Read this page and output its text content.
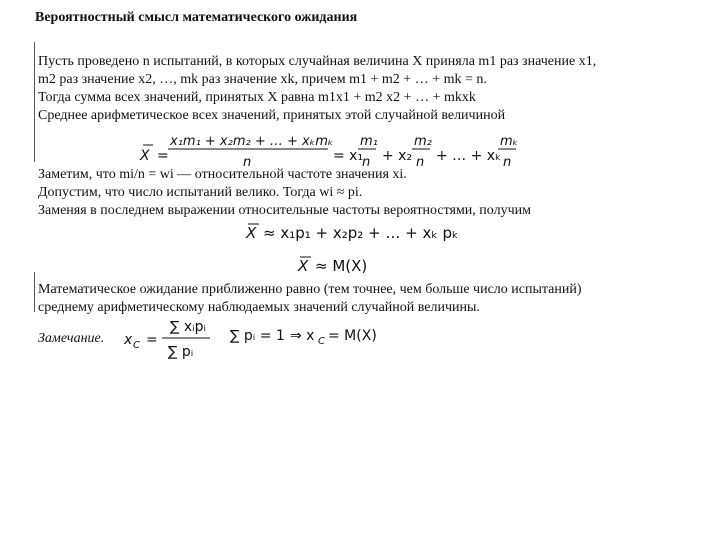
Вероятностный смысл математического ожидания
Пусть проведено n испытаний, в которых случайная величина X приняла m1 раз значение x1,
m2 раз значение x2, …, mk раз значение xk, причем m1 + m2 + … + mk = n.
Тогда сумма всех значений, принятых X равна m1x1 + m2 x2 + … + mkxk
Среднее арифметическое всех значений, принятых этой случайной величиной
Заметим, что mi/n = wi — относительной частоте значения xi.
Допустим, что число испытаний велико. Тогда wi ≈ pi.
Заменяя в последнем выражении относительные частоты вероятностями, получим
Математическое ожидание приближенно равно (тем точнее, чем больше число испытаний)
среднему арифметическому наблюдаемых значений случайной величины.
Замечание.
X =
x₁m₁ + x₂m₂ + … + xₖmₖ
n	= x₁
m₁
n + x₂
m₂
n + … + xₖ
mₖ
n
X ≈ x₁p₁ + x₂p₂ + … + xₖ pₖ
X ≈ M(X)
x C =
∑ xᵢpᵢ
∑ pᵢ
∑ pᵢ = 1 ⇒ x C = M(X)
